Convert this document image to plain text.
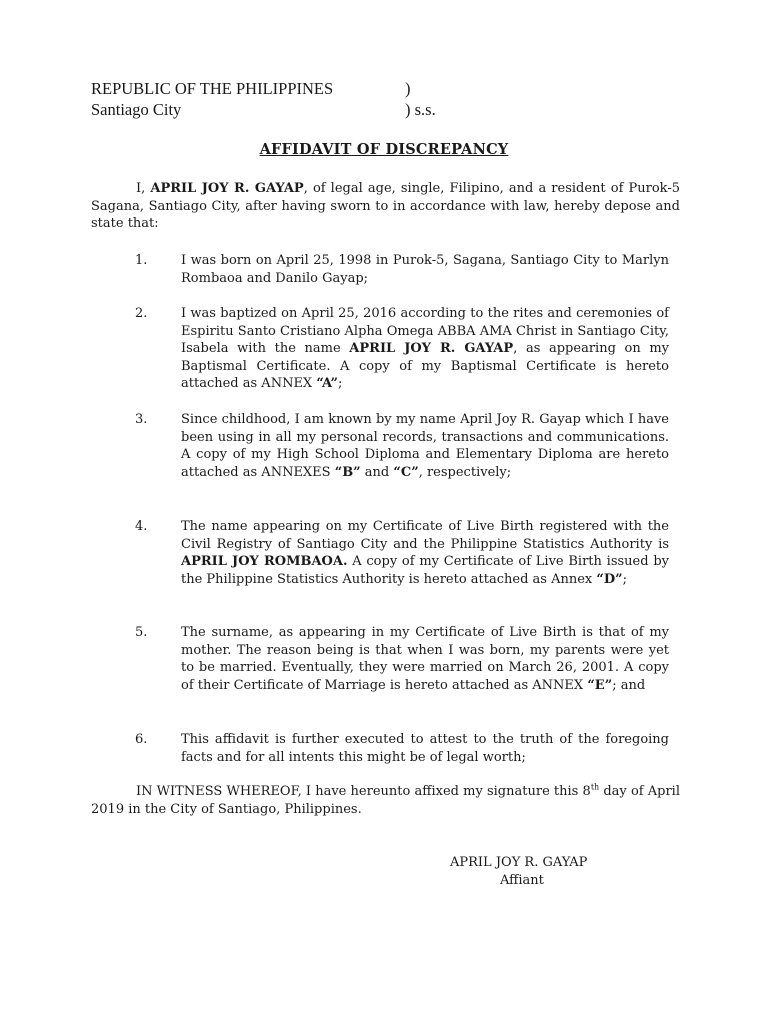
REPUBLIC OF THE PHILIPPINES	)
Santiago City	) s.s.
AFFIDAVIT OF DISCREPANCY

I, APRIL JOY R. GAYAP, of legal age, single, Filipino, and a resident of Purok-5 Sagana, Santiago City, after having sworn to in accordance with law, hereby depose and state that:

1.	I was born on April 25, 1998 in Purok-5, Sagana, Santiago City to Marlyn Rombaoa and Danilo Gayap;
2.	I was baptized on April 25, 2016 according to the rites and ceremonies of Espiritu Santo Cristiano Alpha Omega ABBA AMA Christ in Santiago City, Isabela with the name APRIL JOY R. GAYAP, as appearing on my Baptismal Certificate. A copy of my Baptismal Certificate is hereto attached as ANNEX “A”;
3.	Since childhood, I am known by my name April Joy R. Gayap which I have been using in all my personal records, transactions and communications. A copy of my High School Diploma and Elementary Diploma are hereto attached as ANNEXES “B” and “C”, respectively;
4.	The name appearing on my Certificate of Live Birth registered with the Civil Registry of Santiago City and the Philippine Statistics Authority is APRIL JOY ROMBAOA. A copy of my Certificate of Live Birth issued by the Philippine Statistics Authority is hereto attached as Annex “D”;
5.	The surname, as appearing in my Certificate of Live Birth is that of my mother. The reason being is that when I was born, my parents were yet to be married. Eventually, they were married on March 26, 2001. A copy of their Certificate of Marriage is hereto attached as ANNEX “E”; and
6.	This affidavit is further executed to attest to the truth of the foregoing facts and for all intents this might be of legal worth;

IN WITNESS WHEREOF, I have hereunto affixed my signature this 8th day of April 2019 in the City of Santiago, Philippines.

APRIL JOY R. GAYAP
Affiant
